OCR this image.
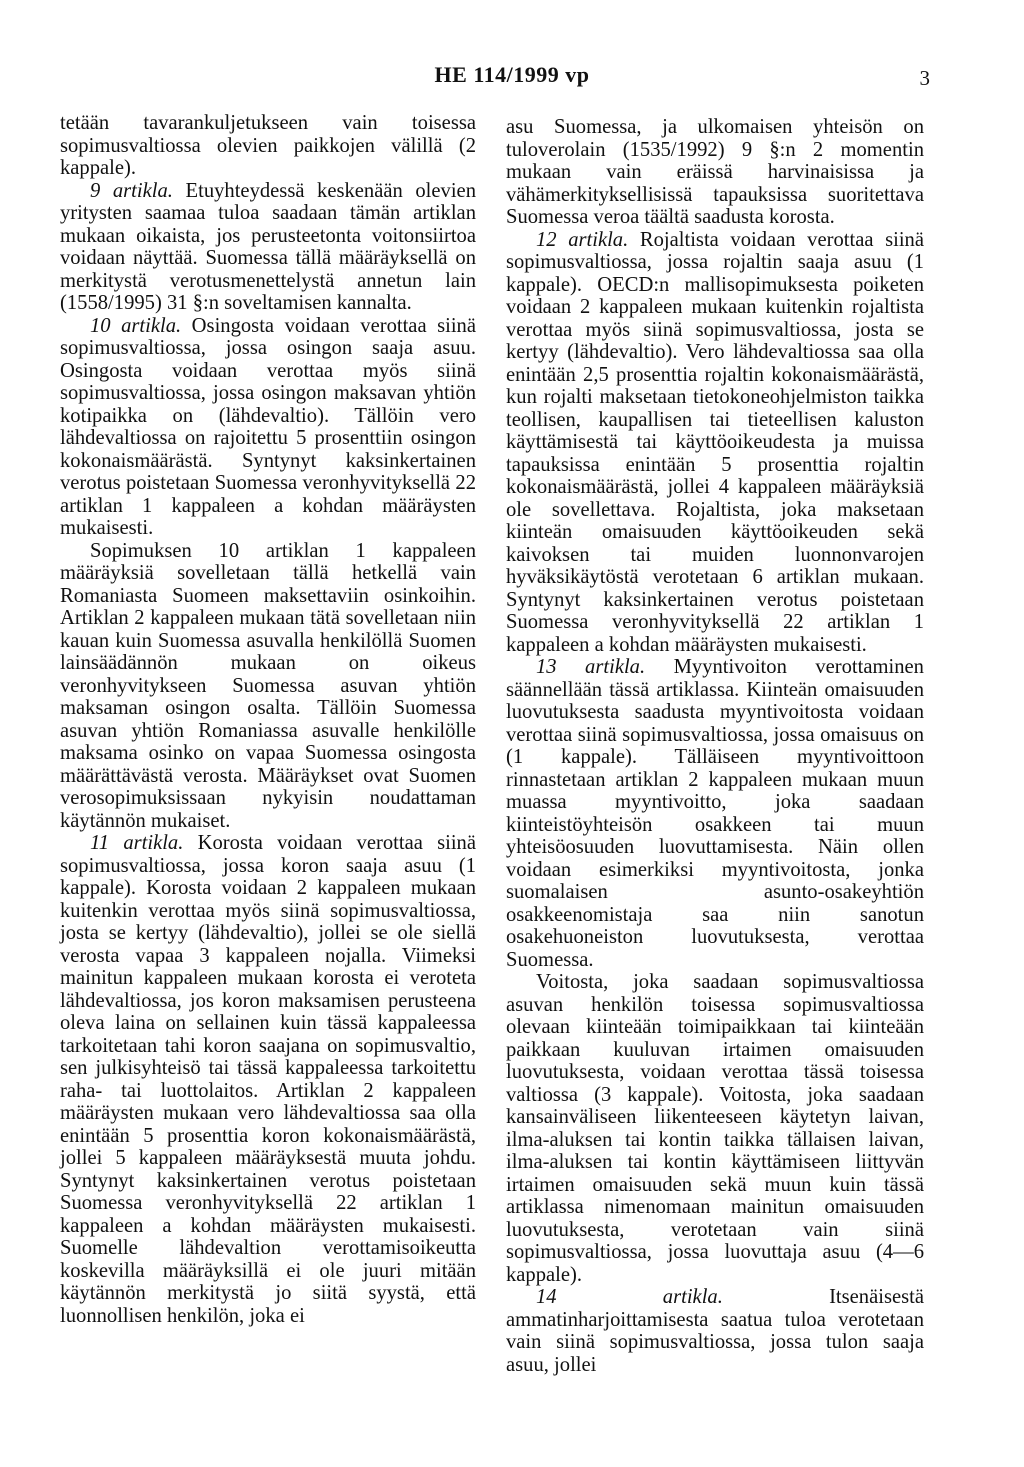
HE 114/1999 vp	3

tetään tavarankuljetukseen vain toisessa sopimusvaltiossa olevien paikkojen välillä (2 kappale).

9 artikla. Etuyhteydessä keskenään olevien yritysten saamaa tuloa saadaan tämän artiklan mukaan oikaista, jos perusteetonta voitonsiirtoa voidaan näyttää. Suomessa tällä määräyksellä on merkitystä verotusmenettelystä annetun lain (1558/1995) 31 §:n soveltamisen kannalta.

10 artikla. Osingosta voidaan verottaa siinä sopimusvaltiossa, jossa osingon saaja asuu. Osingosta voidaan verottaa myös siinä sopimusvaltiossa, jossa osingon maksavan yhtiön kotipaikka on (lähdevaltio). Tällöin vero lähdevaltiossa on rajoitettu 5 prosenttiin osingon kokonaismäärästä. Syntynyt kaksinkertainen verotus poistetaan Suomessa veronhyvityksellä 22 artiklan 1 kappaleen a kohdan määräysten mukaisesti.

Sopimuksen 10 artiklan 1 kappaleen määräyksiä sovelletaan tällä hetkellä vain Romaniasta Suomeen maksettaviin osinkoihin. Artiklan 2 kappaleen mukaan tätä sovelletaan niin kauan kuin Suomessa asuvalla henkilöllä Suomen lainsäädännön mukaan on oikeus veronhyvitykseen Suomessa asuvan yhtiön maksaman osingon osalta. Tällöin Suomessa asuvan yhtiön Romaniassa asuvalle henkilölle maksama osinko on vapaa Suomessa osingosta määrättävästä verosta. Määräykset ovat Suomen verosopimuksissaan nykyisin noudattaman käytännön mukaiset.

11 artikla. Korosta voidaan verottaa siinä sopimusvaltiossa, jossa koron saaja asuu (1 kappale). Korosta voidaan 2 kappaleen mukaan kuitenkin verottaa myös siinä sopimusvaltiossa, josta se kertyy (lähdevaltio), jollei se ole siellä verosta vapaa 3 kappaleen nojalla. Viimeksi mainitun kappaleen mukaan korosta ei veroteta lähdevaltiossa, jos koron maksamisen perusteena oleva laina on sellainen kuin tässä kappaleessa tarkoitetaan tahi koron saajana on sopimusvaltio, sen julkisyhteisö tai tässä kappaleessa tarkoitettu raha- tai luottolaitos. Artiklan 2 kappaleen määräysten mukaan vero lähdevaltiossa saa olla enintään 5 prosenttia koron kokonaismäärästä, jollei 5 kappaleen määräyksestä muuta johdu. Syntynyt kaksinkertainen verotus poistetaan Suomessa veronhyvityksellä 22 artiklan 1 kappaleen a kohdan määräysten mukaisesti. Suomelle lähdevaltion verottamisoikeutta koskevilla määräyksillä ei ole juuri mitään käytännön merkitystä jo siitä syystä, että luonnollisen henkilön, joka ei

asu Suomessa, ja ulkomaisen yhteisön on tuloverolain (1535/1992) 9 §:n 2 momentin mukaan vain eräissä harvinaisissa ja vähämerkityksellisissä tapauksissa suoritettava Suomessa veroa täältä saadusta korosta.

12 artikla. Rojaltista voidaan verottaa siinä sopimusvaltiossa, jossa rojaltin saaja asuu (1 kappale). OECD:n mallisopimuksesta poiketen voidaan 2 kappaleen mukaan kuitenkin rojaltista verottaa myös siinä sopimusvaltiossa, josta se kertyy (lähdevaltio). Vero lähdevaltiossa saa olla enintään 2,5 prosenttia rojaltin kokonaismäärästä, kun rojalti maksetaan tietokoneohjelmiston taikka teollisen, kaupallisen tai tieteellisen kaluston käyttämisestä tai käyttöoikeudesta ja muissa tapauksissa enintään 5 prosenttia rojaltin kokonaismäärästä, jollei 4 kappaleen määräyksiä ole sovellettava. Rojaltista, joka maksetaan kiinteän omaisuuden käyttöoikeuden sekä kaivoksen tai muiden luonnonvarojen hyväksikäytöstä verotetaan 6 artiklan mukaan. Syntynyt kaksinkertainen verotus poistetaan Suomessa veronhyvityksellä 22 artiklan 1 kappaleen a kohdan määräysten mukaisesti.

13 artikla. Myyntivoiton verottaminen säännellään tässä artiklassa. Kiinteän omaisuuden luovutuksesta saadusta myyntivoitosta voidaan verottaa siinä sopimusvaltiossa, jossa omaisuus on (1 kappale). Tälläiseen myyntivoittoon rinnastetaan artiklan 2 kappaleen mukaan muun muassa myyntivoitto, joka saadaan kiinteistöyhteisön osakkeen tai muun yhteisöosuuden luovuttamisesta. Näin ollen voidaan esimerkiksi myyntivoitosta, jonka suomalaisen asunto-osakeyhtiön osakkeenomistaja saa niin sanotun osakehuoneiston luovutuksesta, verottaa Suomessa.

Voitosta, joka saadaan sopimusvaltiossa asuvan henkilön toisessa sopimusvaltiossa olevaan kiinteään toimipaikkaan tai kiinteään paikkaan kuuluvan irtaimen omaisuuden luovutuksesta, voidaan verottaa tässä toisessa valtiossa (3 kappale). Voitosta, joka saadaan kansainväliseen liikenteeseen käytetyn laivan, ilma-aluksen tai kontin taikka tällaisen laivan, ilma-aluksen tai kontin käyttämiseen liittyvän irtaimen omaisuuden sekä muun kuin tässä artiklassa nimenomaan mainitun omaisuuden luovutuksesta, verotetaan vain siinä sopimusvaltiossa, jossa luovuttaja asuu (4—6 kappale).

14 artikla. Itsenäisestä ammatinharjoittamisesta saatua tuloa verotetaan vain siinä sopimusvaltiossa, jossa tulon saaja asuu, jollei
